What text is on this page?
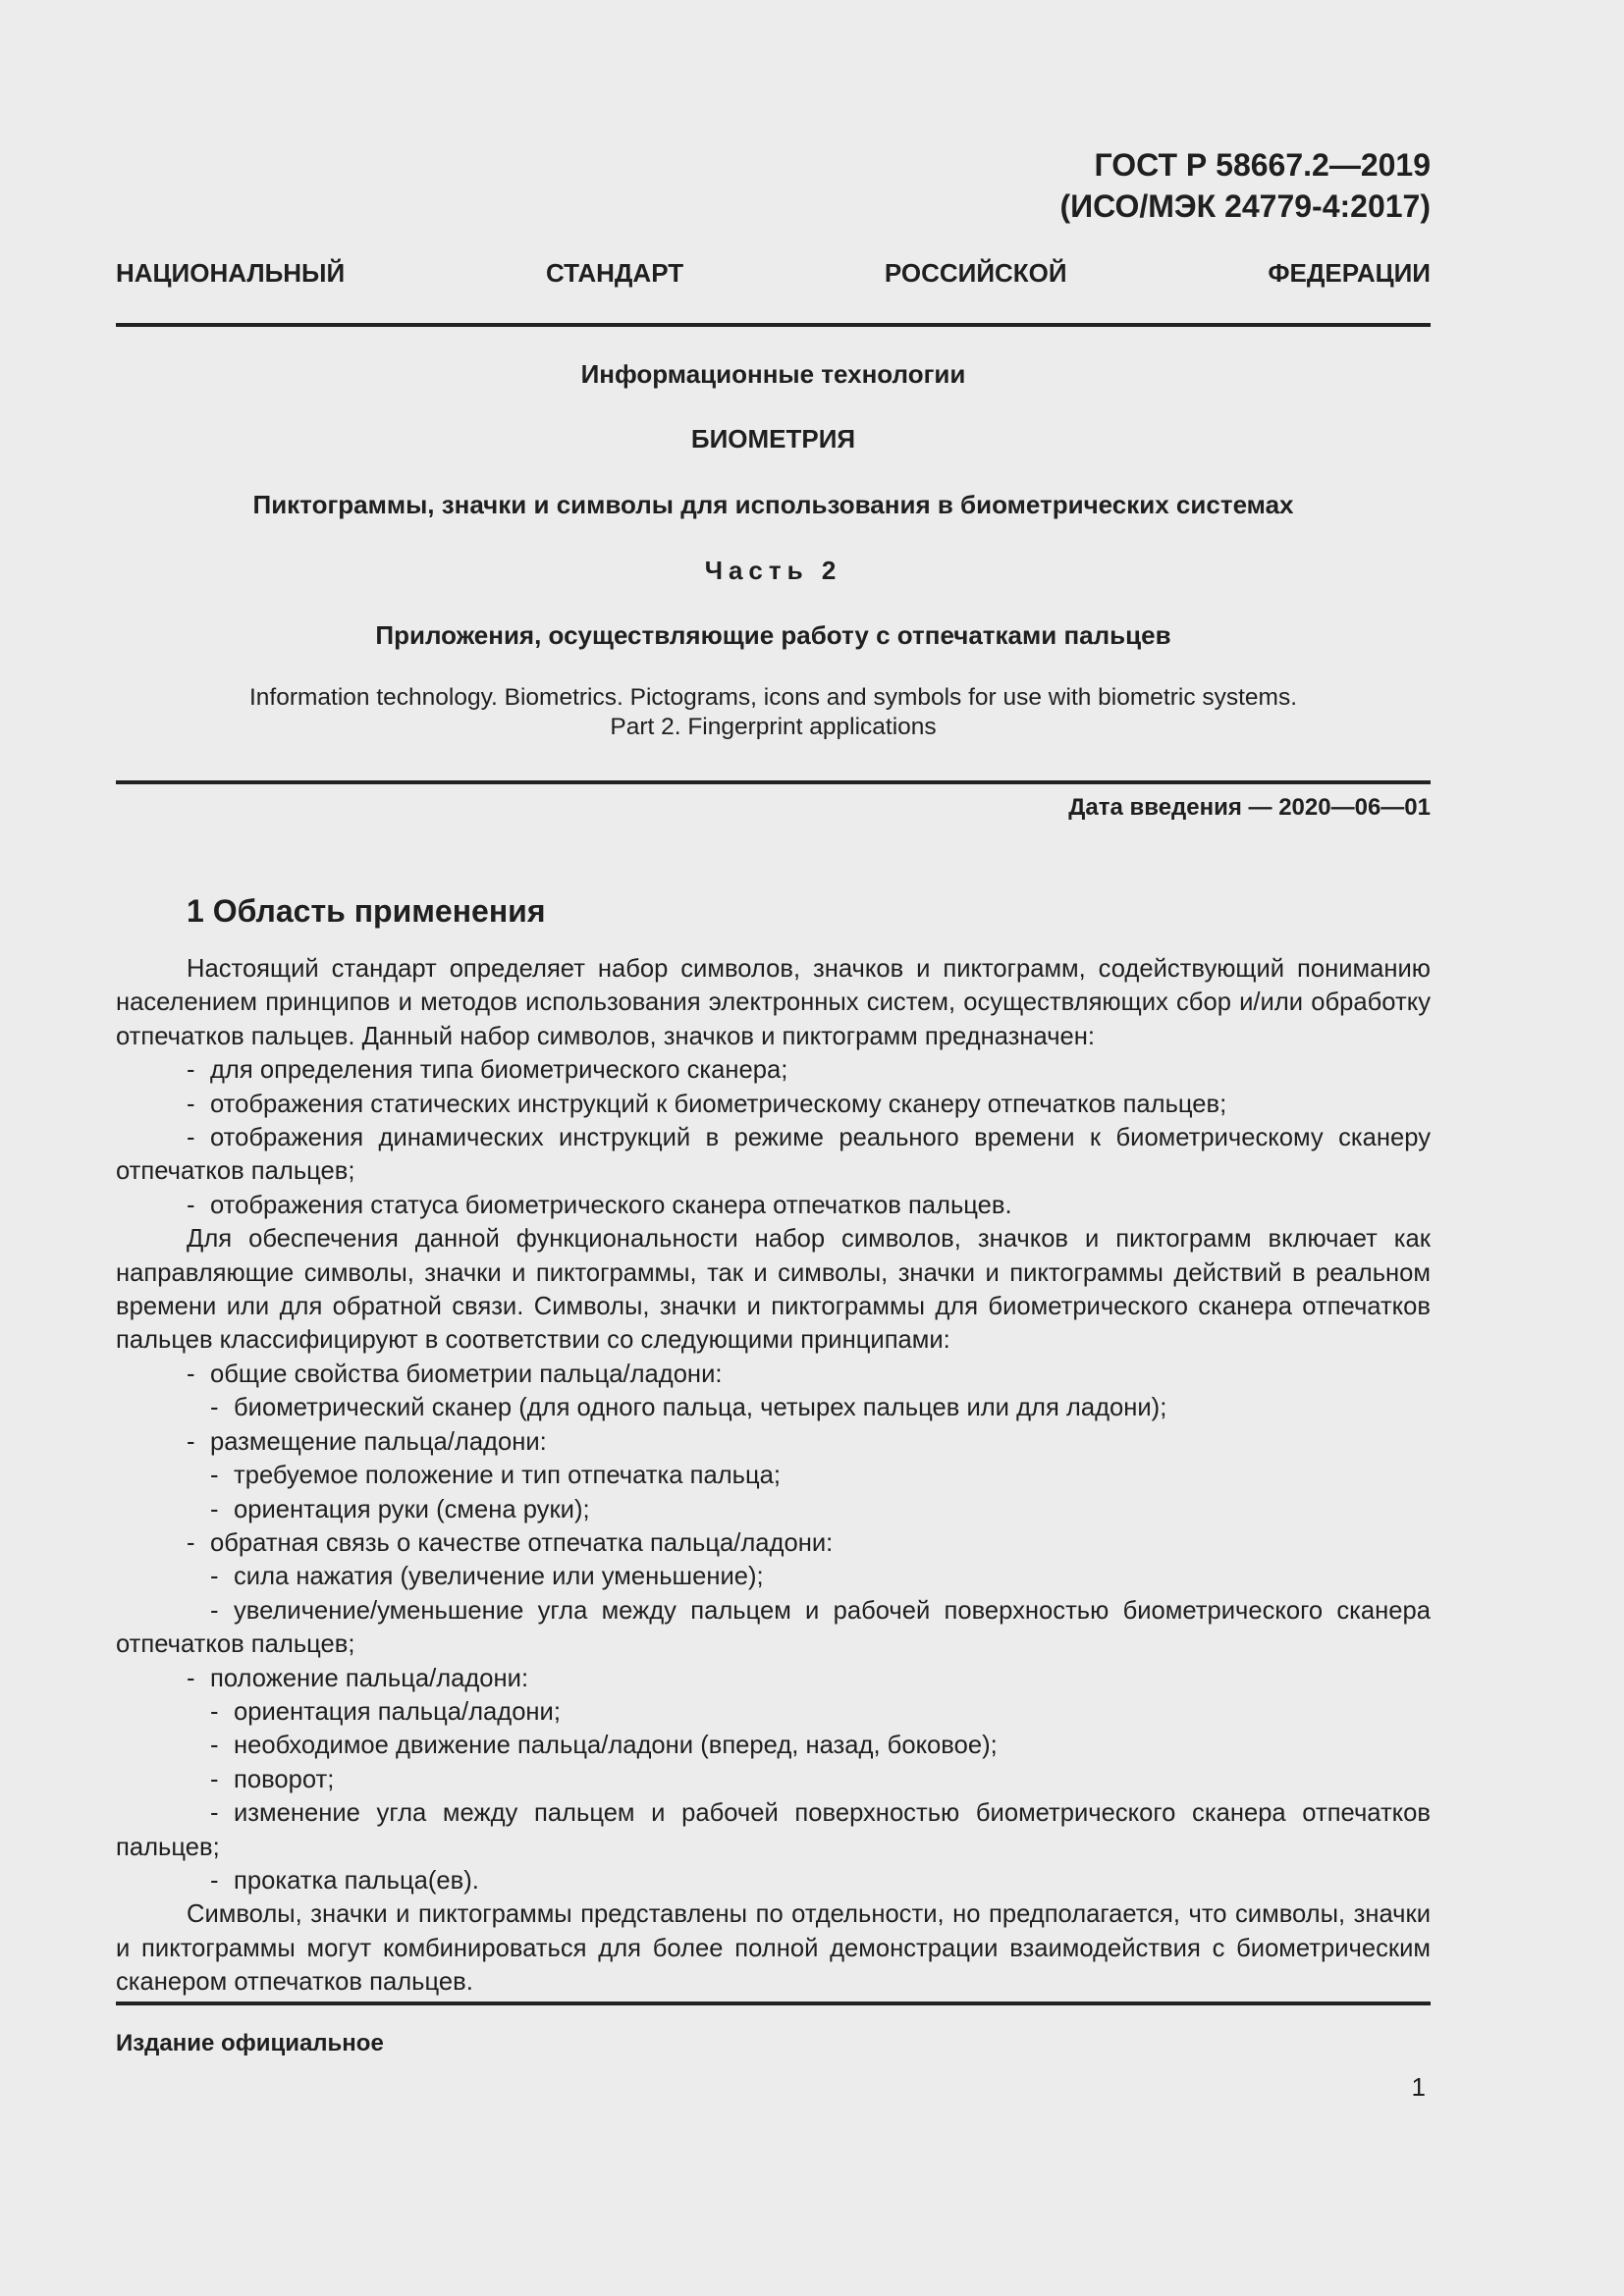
ГОСТ Р 58667.2—2019
(ИСО/МЭК 24779-4:2017)
НАЦИОНАЛЬНЫЙ	СТАНДАРТ	РОССИЙСКОЙ	ФЕДЕРАЦИИ
Информационные технологии
БИОМЕТРИЯ
Пиктограммы, значки и символы для использования в биометрических системах
Часть 2
Приложения, осуществляющие работу с отпечатками пальцев
Information technology. Biometrics. Pictograms, icons and symbols for use with biometric systems.
Part 2. Fingerprint applications
Дата введения — 2020—06—01
1 Область применения

Настоящий стандарт определяет набор символов, значков и пиктограмм, содействующий пониманию населением принципов и методов использования электронных систем, осуществляющих сбор и/или обработку отпечатков пальцев. Данный набор символов, значков и пиктограмм предназначен:

- для определения типа биометрического сканера;

- отображения статических инструкций к биометрическому сканеру отпечатков пальцев;

- отображения динамических инструкций в режиме реального времени к биометрическому сканеру отпечатков пальцев;

- отображения статуса биометрического сканера отпечатков пальцев.

Для обеспечения данной функциональности набор символов, значков и пиктограмм включает как направляющие символы, значки и пиктограммы, так и символы, значки и пиктограммы действий в реальном времени или для обратной связи. Символы, значки и пиктограммы для биометрического сканера отпечатков пальцев классифицируют в соответствии со следующими принципами:

- общие свойства биометрии пальца/ладони:

- биометрический сканер (для одного пальца, четырех пальцев или для ладони);

- размещение пальца/ладони:

- требуемое положение и тип отпечатка пальца;

- ориентация руки (смена руки);

- обратная связь о качестве отпечатка пальца/ладони:

- сила нажатия (увеличение или уменьшение);

- увеличение/уменьшение угла между пальцем и рабочей поверхностью биометрического сканера отпечатков пальцев;

- положение пальца/ладони:

- ориентация пальца/ладони;

- необходимое движение пальца/ладони (вперед, назад, боковое);

- поворот;

- изменение угла между пальцем и рабочей поверхностью биометрического сканера отпечатков пальцев;

- прокатка пальца(ев).

Символы, значки и пиктограммы представлены по отдельности, но предполагается, что символы, значки и пиктограммы могут комбинироваться для более полной демонстрации взаимодействия с биометрическим сканером отпечатков пальцев.

Издание официальное
1
